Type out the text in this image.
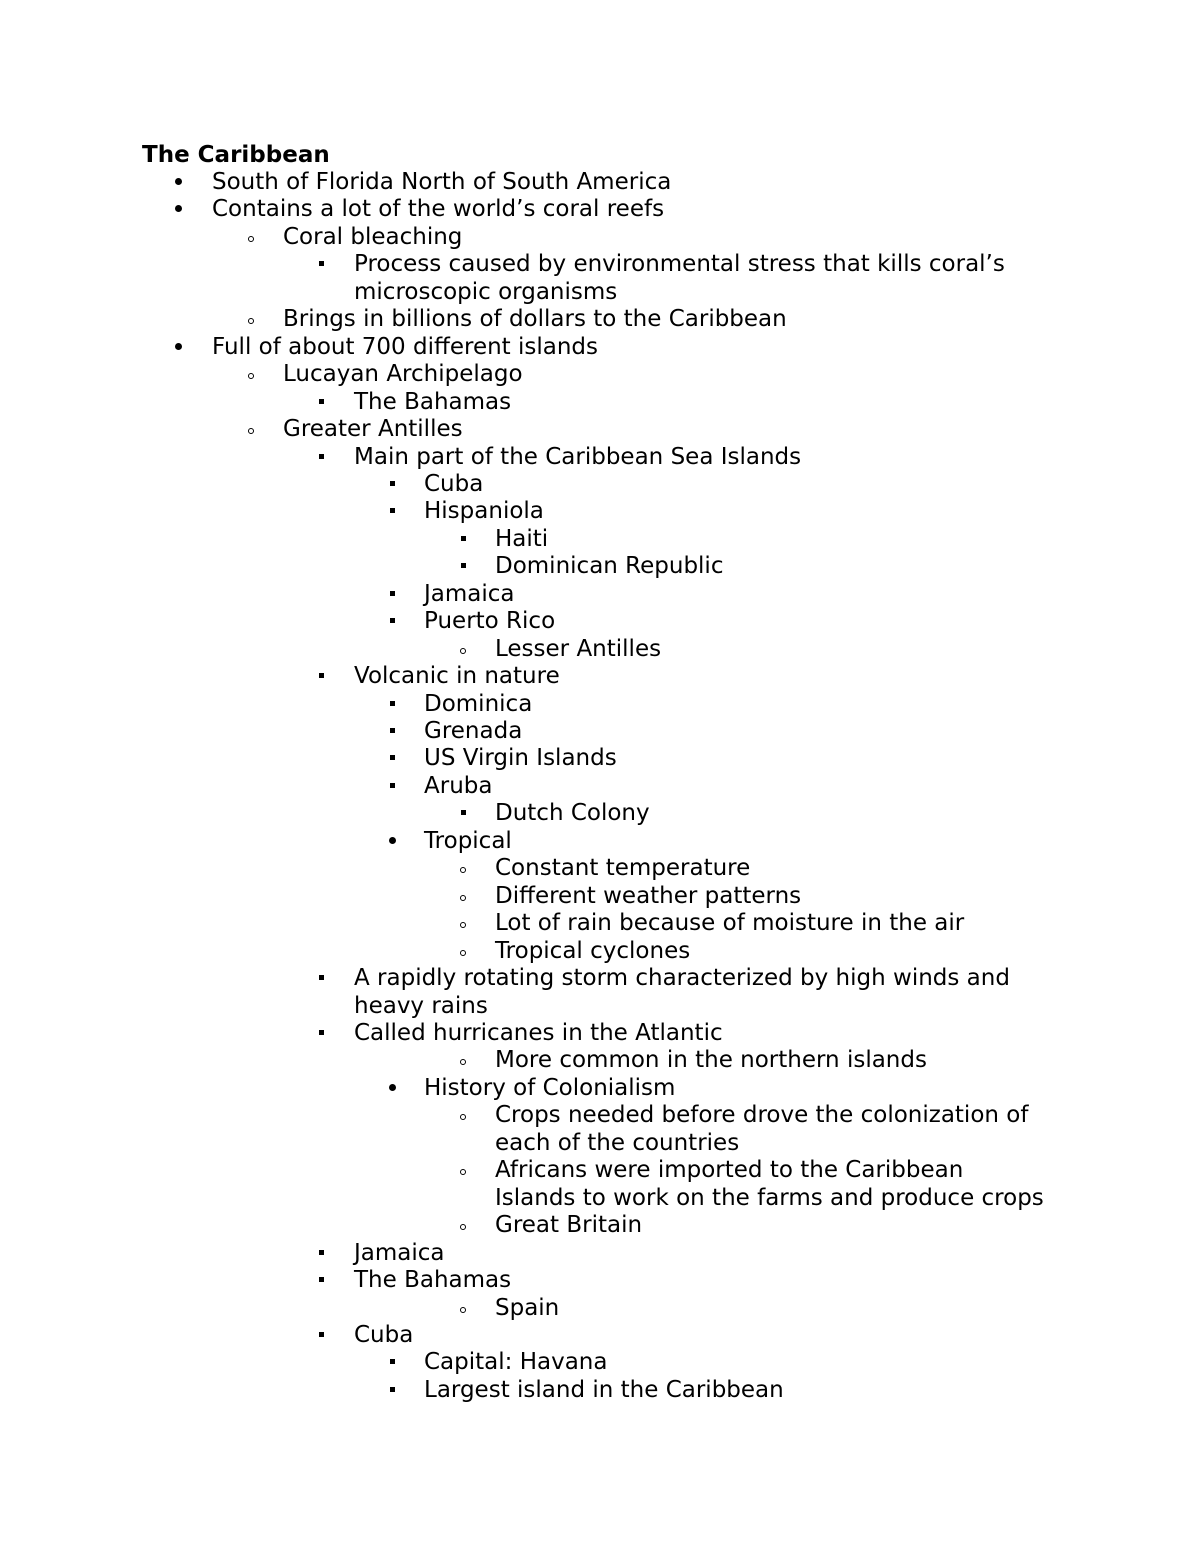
The Caribbean
South of Florida North of South America
Contains a lot of the world’s coral reefs
Coral bleaching
Process caused by environmental stress that kills coral’s
microscopic organisms
Brings in billions of dollars to the Caribbean
Full of about 700 different islands
Lucayan Archipelago
The Bahamas
Greater Antilles
Main part of the Caribbean Sea Islands
Cuba
Hispaniola
Haiti
Dominican Republic
Jamaica
Puerto Rico
Lesser Antilles
Volcanic in nature
Dominica
Grenada
US Virgin Islands
Aruba
Dutch Colony
Tropical
Constant temperature
Different weather patterns
Lot of rain because of moisture in the air
Tropical cyclones
A rapidly rotating storm characterized by high winds and
heavy rains
Called hurricanes in the Atlantic
More common in the northern islands
History of Colonialism
Crops needed before drove the colonization of
each of the countries
Africans were imported to the Caribbean
Islands to work on the farms and produce crops
Great Britain
Jamaica
The Bahamas
Spain
Cuba
Capital: Havana
Largest island in the Caribbean
